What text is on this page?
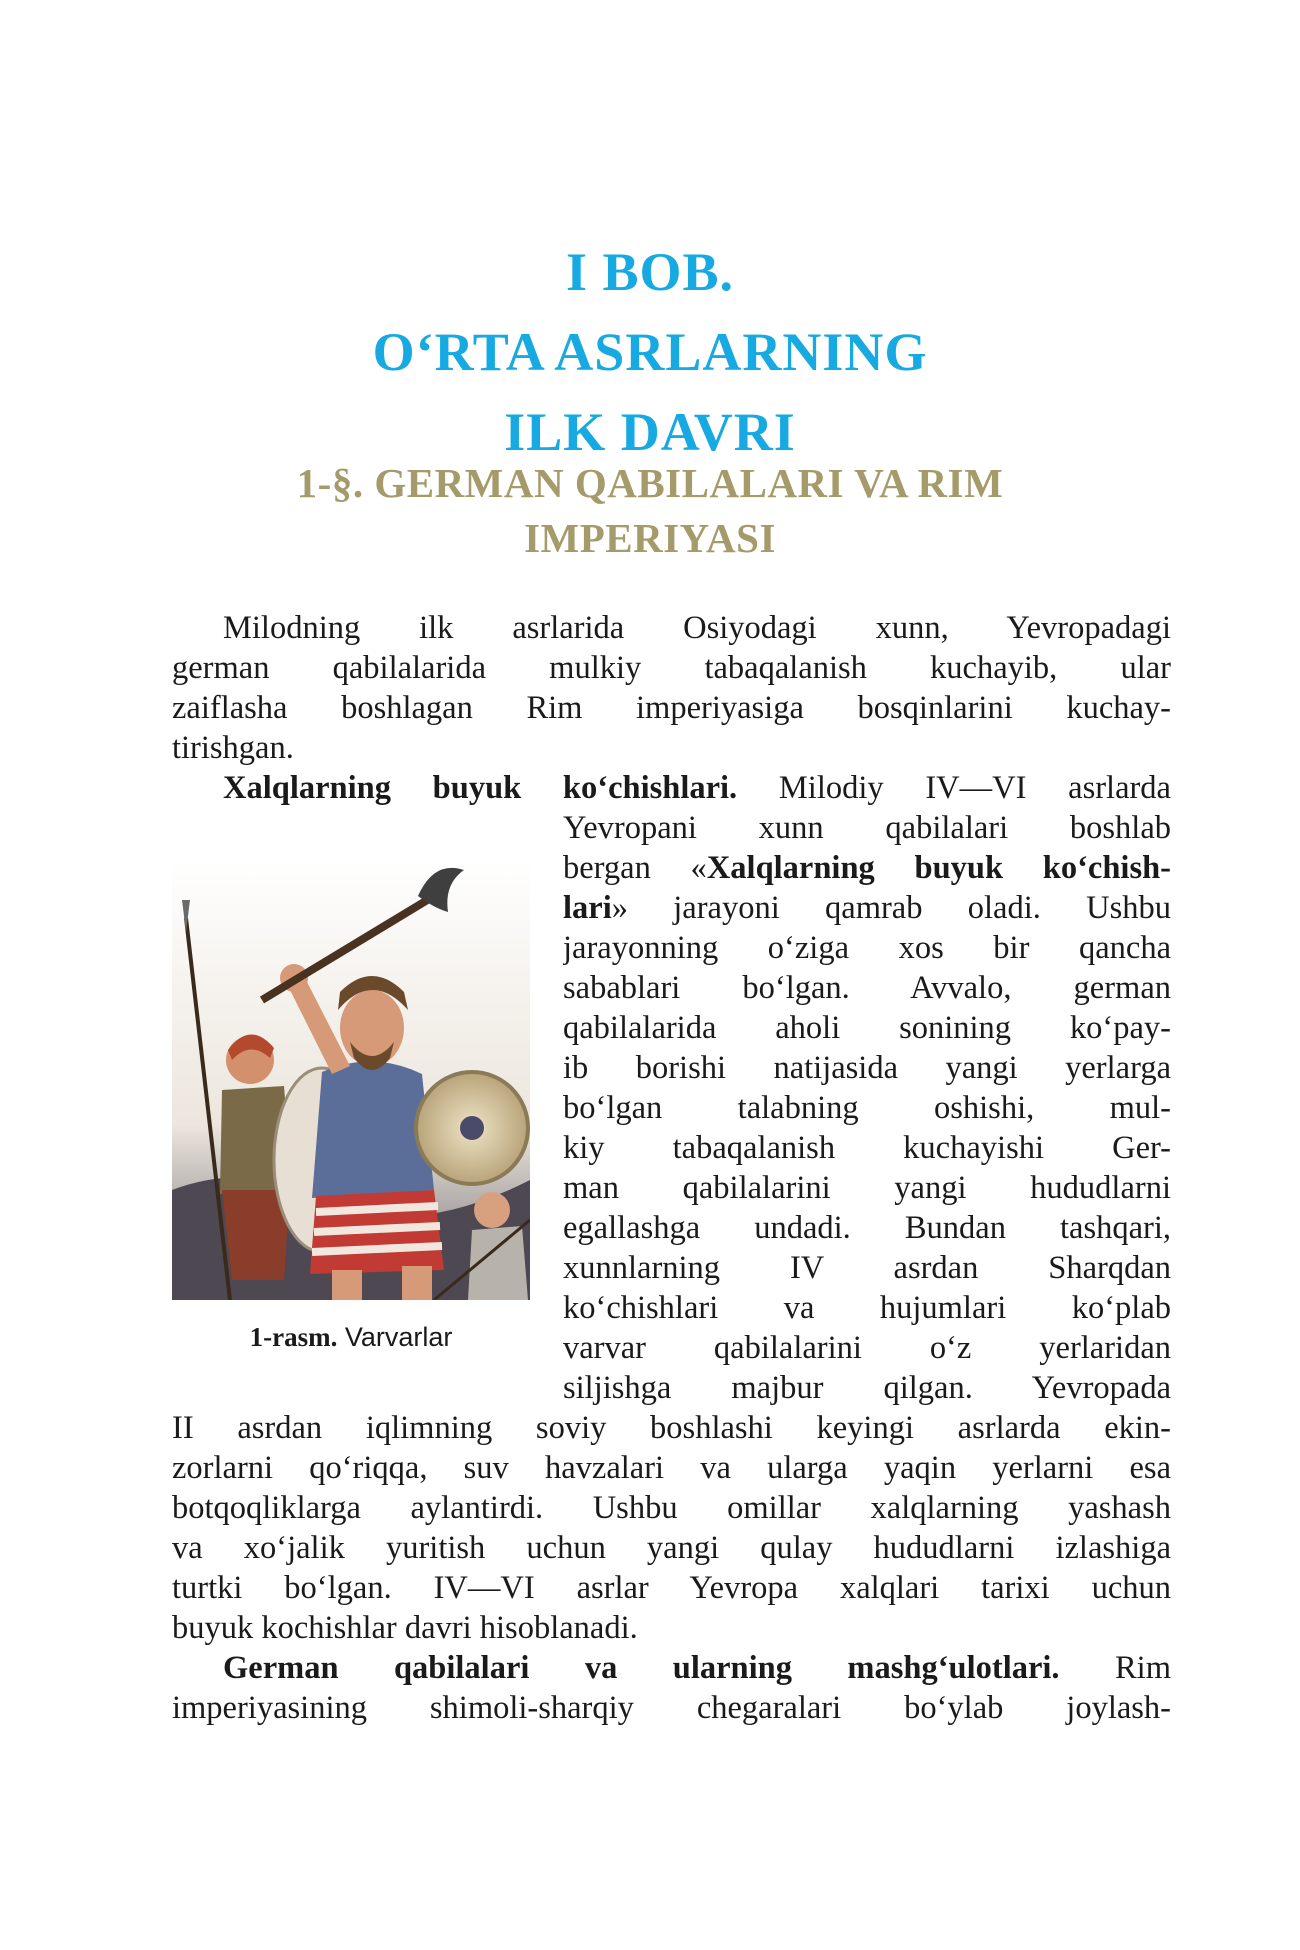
I BOB.
O‘RTA ASRLARNING
ILK DAVRI
1-§. GERMAN QABILALARI VA RIM
IMPERIYASI
Milodning ilk asrlarida Osiyodagi xunn, Yevropadagi
german qabilalarida mulkiy tabaqalanish kuchayib, ular
zaiflasha boshlagan Rim imperiyasiga bosqinlarini kuchay-
tirishgan.
Xalqlarning buyuk ko‘chishlari. Milodiy IV—VI asrlarda
Yevropani xunn qabilalari boshlab
bergan «Xalqlarning buyuk ko‘chish-
lari» jarayoni qamrab oladi. Ushbu
jarayonning o‘ziga xos bir qancha
sabablari bo‘lgan. Avvalo, german
qabilalarida aholi sonining ko‘pay-
ib borishi natijasida yangi yerlarga
bo‘lgan talabning oshishi, mul-
kiy tabaqalanish kuchayishi Ger-
man qabilalarini yangi hududlarni
egallashga undadi. Bundan tashqari,
xunnlarning IV asrdan Sharqdan
ko‘chishlari va hujumlari ko‘plab
varvar qabilalarini o‘z yerlaridan
siljishga majbur qilgan. Yevropada
II asrdan iqlimning soviy boshlashi keyingi asrlarda ekin-
zorlarni qo‘riqqa, suv havzalari va ularga yaqin yerlarni esa
botqoqliklarga aylantirdi. Ushbu omillar xalqlarning yashash
va xo‘jalik yuritish uchun yangi qulay hududlarni izlashiga
turtki bo‘lgan. IV—VI asrlar Yevropa xalqlari tarixi uchun
buyuk kochishlar davri hisoblanadi.
German qabilalari va ularning mashg‘ulotlari. Rim
imperiyasining shimoli-sharqiy chegaralari bo‘ylab joylash-
1-rasm. Varvarlar
